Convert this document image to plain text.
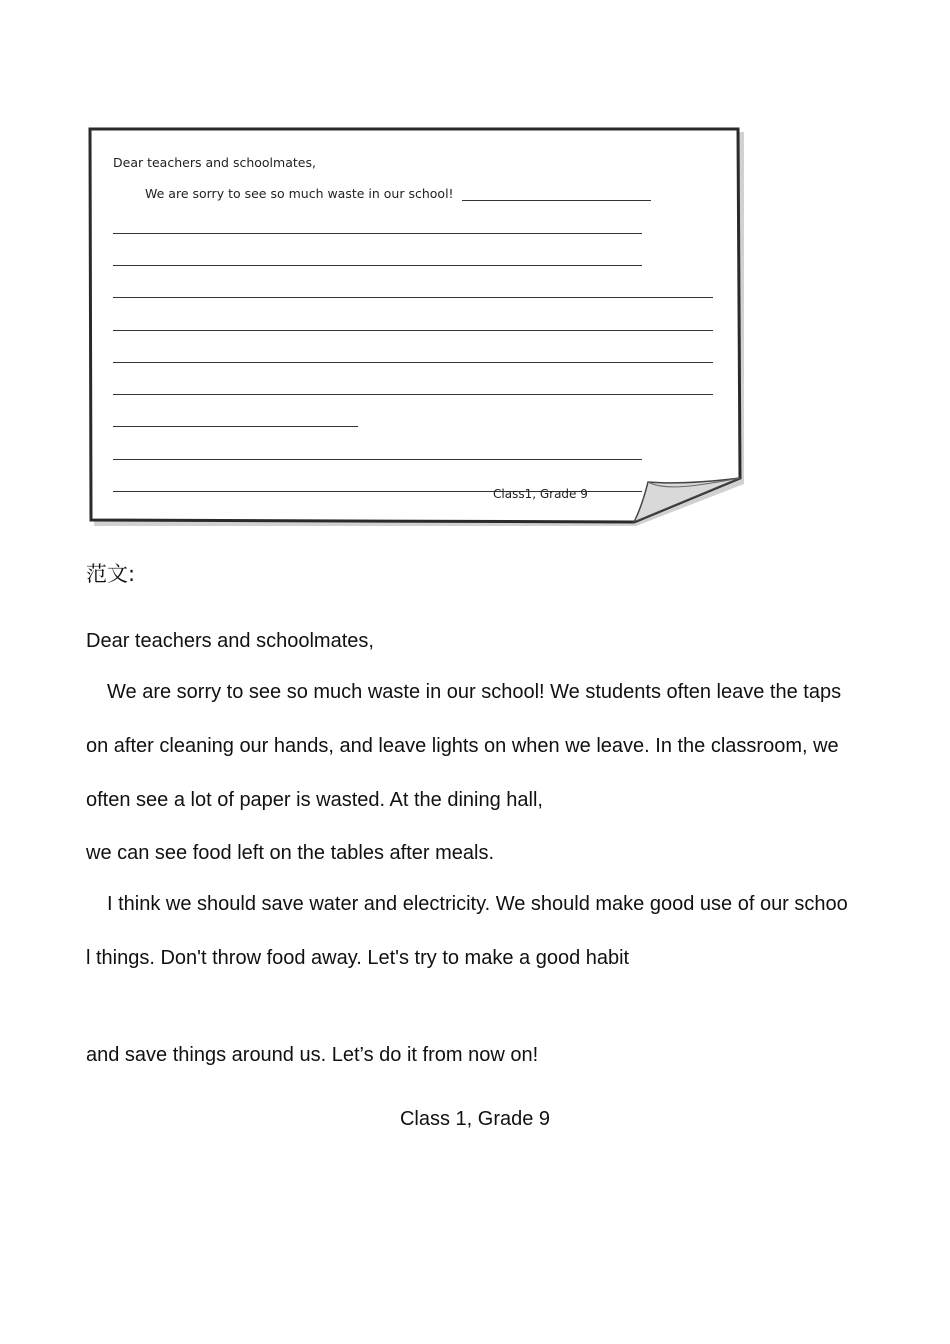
Dear teachers and schoolmates,
We are sorry to see so much waste in our school!
Class1, Grade 9
范文:
Dear teachers and schoolmates,
We are sorry to see so much waste in our school! We students often leave the taps
on after cleaning our hands, and leave lights on when we leave. In the classroom, we
often see a lot of paper is wasted. At the dining hall,
we can see food left on the tables after meals.
I think we should save water and electricity. We should make good use of our schoo
l things. Don't throw food away. Let's try to make a good habit
and save things around us. Let’s do it from now on!
Class 1, Grade 9
